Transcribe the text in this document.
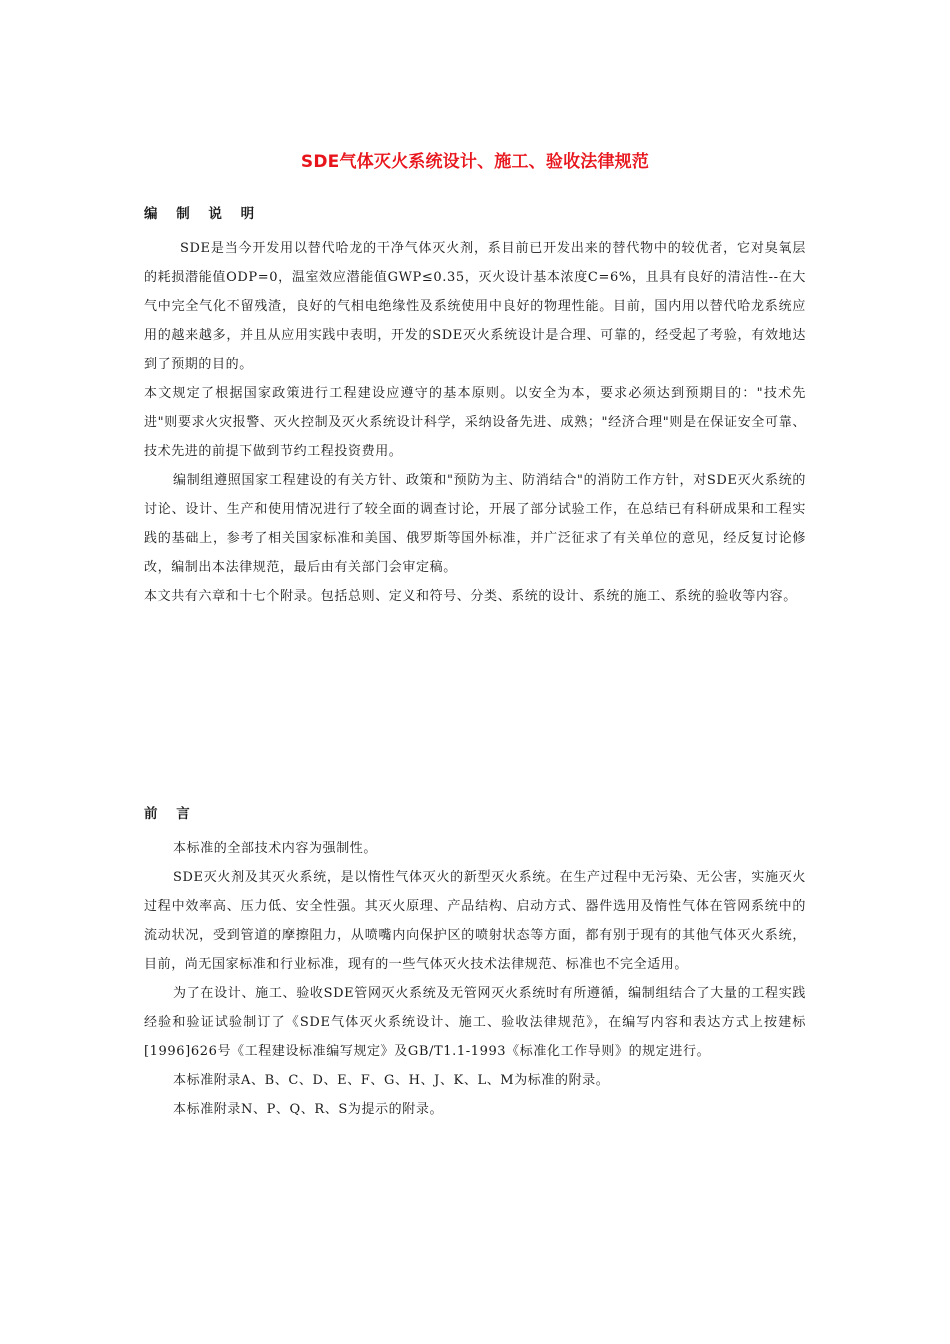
SDE气体灭火系统设计、施工、验收法律规范
编 制 说 明

SDE是当今开发用以替代哈龙的干净气体灭火剂，系目前已开发出来的替代物中的较优者，它对臭氧层的耗损潜能值ODP=0，温室效应潜能值GWP≤0.35，灭火设计基本浓度C=6%，且具有良好的清洁性--在大气中完全气化不留残渣，良好的气相电绝缘性及系统使用中良好的物理性能。目前，国内用以替代哈龙系统应用的越来越多，并且从应用实践中表明，开发的SDE灭火系统设计是合理、可靠的，经受起了考验，有效地达到了预期的目的。

本文规定了根据国家政策进行工程建设应遵守的基本原则。以安全为本，要求必须达到预期目的："技术先进"则要求火灾报警、灭火控制及灭火系统设计科学，采纳设备先进、成熟；"经济合理"则是在保证安全可靠、技术先进的前提下做到节约工程投资费用。

编制组遵照国家工程建设的有关方针、政策和"预防为主、防消结合"的消防工作方针，对SDE灭火系统的讨论、设计、生产和使用情况进行了较全面的调查讨论，开展了部分试验工作，在总结已有科研成果和工程实践的基础上，参考了相关国家标准和美国、俄罗斯等国外标准，并广泛征求了有关单位的意见，经反复讨论修改，编制出本法律规范，最后由有关部门会审定稿。

本文共有六章和十七个附录。包括总则、定义和符号、分类、系统的设计、系统的施工、系统的验收等内容。

前 言

本标准的全部技术内容为强制性。

SDE灭火剂及其灭火系统，是以惰性气体灭火的新型灭火系统。在生产过程中无污染、无公害，实施灭火过程中效率高、压力低、安全性强。其灭火原理、产品结构、启动方式、器件选用及惰性气体在管网系统中的流动状况，受到管道的摩擦阻力，从喷嘴内向保护区的喷射状态等方面，都有别于现有的其他气体灭火系统，目前，尚无国家标准和行业标准，现有的一些气体灭火技术法律规范、标准也不完全适用。

为了在设计、施工、验收SDE管网灭火系统及无管网灭火系统时有所遵循，编制组结合了大量的工程实践经验和验证试验制订了《SDE气体灭火系统设计、施工、验收法律规范》，在编写内容和表达方式上按建标[1996]626号《工程建设标准编写规定》及GB/T1.1-1993《标准化工作导则》的规定进行。

本标准附录A、B、C、D、E、F、G、H、J、K、L、M为标准的附录。

本标准附录N、P、Q、R、S为提示的附录。
